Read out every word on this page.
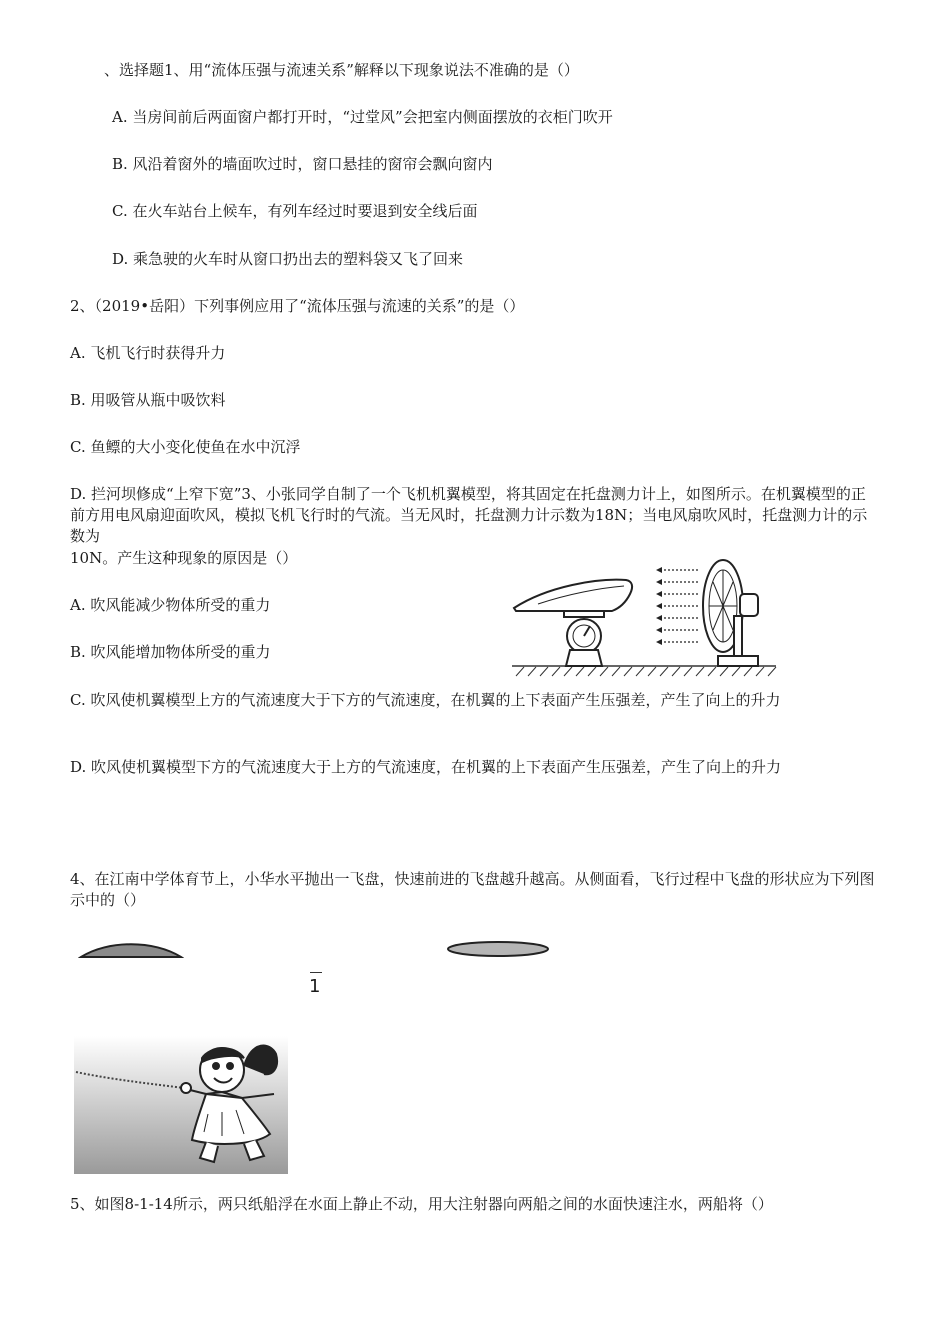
、选择题1、用“流体压强与流速关系”解释以下现象说法不准确的是（）
A. 当房间前后两面窗户都打开时，“过堂风”会把室内侧面摆放的衣柜门吹开
B. 风沿着窗外的墙面吹过时，窗口悬挂的窗帘会飘向窗内
C. 在火车站台上候车，有列车经过时要退到安全线后面
D. 乘急驶的火车时从窗口扔出去的塑料袋又飞了回来
2、（2019•岳阳）下列事例应用了“流体压强与流速的关系”的是（）
A. 飞机飞行时获得升力
B. 用吸管从瓶中吸饮料
C. 鱼鳔的大小变化使鱼在水中沉浮
D. 拦河坝修成“上窄下宽”3、小张同学自制了一个飞机机翼模型，将其固定在托盘测力计上，如图所示。在机翼模型的正前方用电风扇迎面吹风，模拟飞机飞行时的气流。当无风时，托盘测力计示数为18N；当电风扇吹风时，托盘测力计的示数为
10N。产生这种现象的原因是（）
A. 吹风能减少物体所受的重力
B. 吹风能增加物体所受的重力
C. 吹风使机翼模型上方的气流速度大于下方的气流速度，在机翼的上下表面产生压强差，产生了向上的升力
D. 吹风使机翼模型下方的气流速度大于上方的气流速度，在机翼的上下表面产生压强差，产生了向上的升力
4、在江南中学体育节上，小华水平抛出一飞盘，快速前进的飞盘越升越高。从侧面看，飞行过程中飞盘的形状应为下列图示中的（）
1
5、如图8-1-14所示，两只纸船浮在水面上静止不动，用大注射器向两船之间的水面快速注水，两船将（）
